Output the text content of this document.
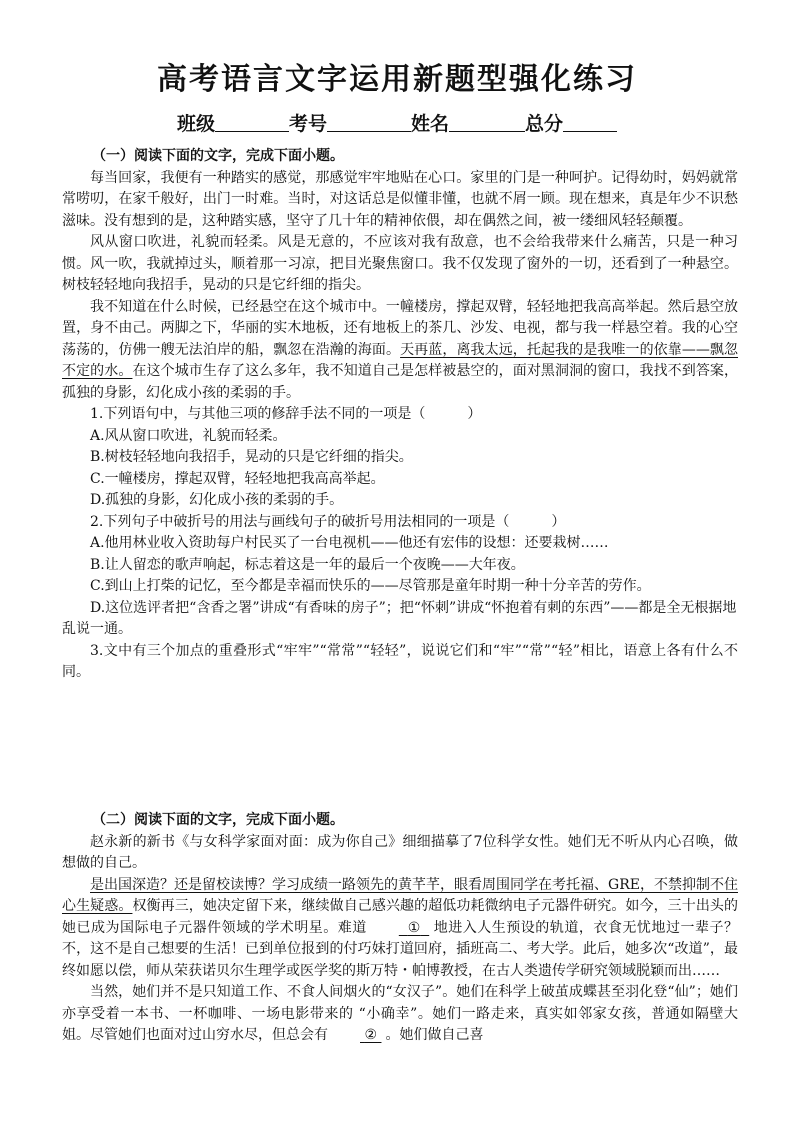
高考语言文字运用新题型强化练习
班级	考号	姓名	总分
（一）阅读下面的文字，完成下面小题。

每当回家，我便有一种踏实的感觉，那感觉牢牢地贴在心口。家里的门是一种呵护。记得幼时，妈妈就常常唠叨，在家千般好，出门一时难。当时，对这话总是似懂非懂，也就不屑一顾。现在想来，真是年少不识愁滋味。没有想到的是，这种踏实感，坚守了几十年的精神依偎，却在偶然之间，被一缕细风轻轻颠覆。

风从窗口吹进，礼貌而轻柔。风是无意的，不应该对我有敌意，也不会给我带来什么痛苦，只是一种习惯。风一吹，我就掉过头，顺着那一习凉，把目光聚焦窗口。我不仅发现了窗外的一切，还看到了一种悬空。树枝轻轻地向我招手，晃动的只是它纤细的指尖。

我不知道在什么时候，已经悬空在这个城市中。一幢楼房，撑起双臂，轻轻地把我高高举起。然后悬空放置，身不由己。两脚之下，华丽的实木地板，还有地板上的茶几、沙发、电视，都与我一样悬空着。我的心空荡荡的，仿佛一艘无法泊岸的船，飘忽在浩瀚的海面。天再蓝，离我太远，托起我的是我唯一的依靠——飘忽不定的水。在这个城市生存了这么多年，我不知道自己是怎样被悬空的，面对黑洞洞的窗口，我找不到答案，孤独的身影，幻化成小孩的柔弱的手。

1.下列语句中，与其他三项的修辞手法不同的一项是（　　　）

A.风从窗口吹进，礼貌而轻柔。

B.树枝轻轻地向我招手，晃动的只是它纤细的指尖。

C.一幢楼房，撑起双臂，轻轻地把我高高举起。

D.孤独的身影，幻化成小孩的柔弱的手。

2.下列句子中破折号的用法与画线句子的破折号用法相同的一项是（　　　）

A.他用林业收入资助每户村民买了一台电视机——他还有宏伟的设想：还要栽树……

B.让人留恋的歌声响起，标志着这是一年的最后一个夜晚——大年夜。

C.到山上打柴的记忆，至今都是幸福而快乐的——尽管那是童年时期一种十分辛苦的劳作。

D.这位选评者把“含香之署”讲成“有香味的房子”；把“怀刺”讲成“怀抱着有刺的东西”——都是全无根据地乱说一通。

3.文中有三个加点的重叠形式“牢牢”“常常”“轻轻”，说说它们和“牢”“常”“轻”相比，语意上各有什么不同。

（二）阅读下面的文字，完成下面小题。

赵永新的新书《与女科学家面对面：成为你自己》细细描摹了7位科学女性。她们无不听从内心召唤，做想做的自己。

是出国深造？还是留校读博？学习成绩一路领先的黄芊芊，眼看周围同学在考托福、GRE，不禁抑制不住心生疑惑。权衡再三，她决定留下来，继续做自己感兴趣的超低功耗微纳电子元器件研究。如今，三十出头的她已成为国际电子元器件领域的学术明星。难道	① 地进入人生预设的轨道，衣食无忧地过一辈子？不，这不是自己想要的生活！已到单位报到的付巧妹打道回府，插班高二、考大学。此后，她多次“改道”，最终如愿以偿，师从荣获诺贝尔生理学或医学奖的斯万特・帕博教授，在古人类遗传学研究领域脱颖而出……

当然，她们并不是只知道工作、不食人间烟火的“女汉子”。她们在科学上破茧成蝶甚至羽化登“仙”；她们亦享受着一本书、一杯咖啡、一场电影带来的 “小确幸”。她们一路走来，真实如邻家女孩，普通如隔壁大姐。尽管她们也面对过山穷水尽，但总会有	② 。她们做自己喜
